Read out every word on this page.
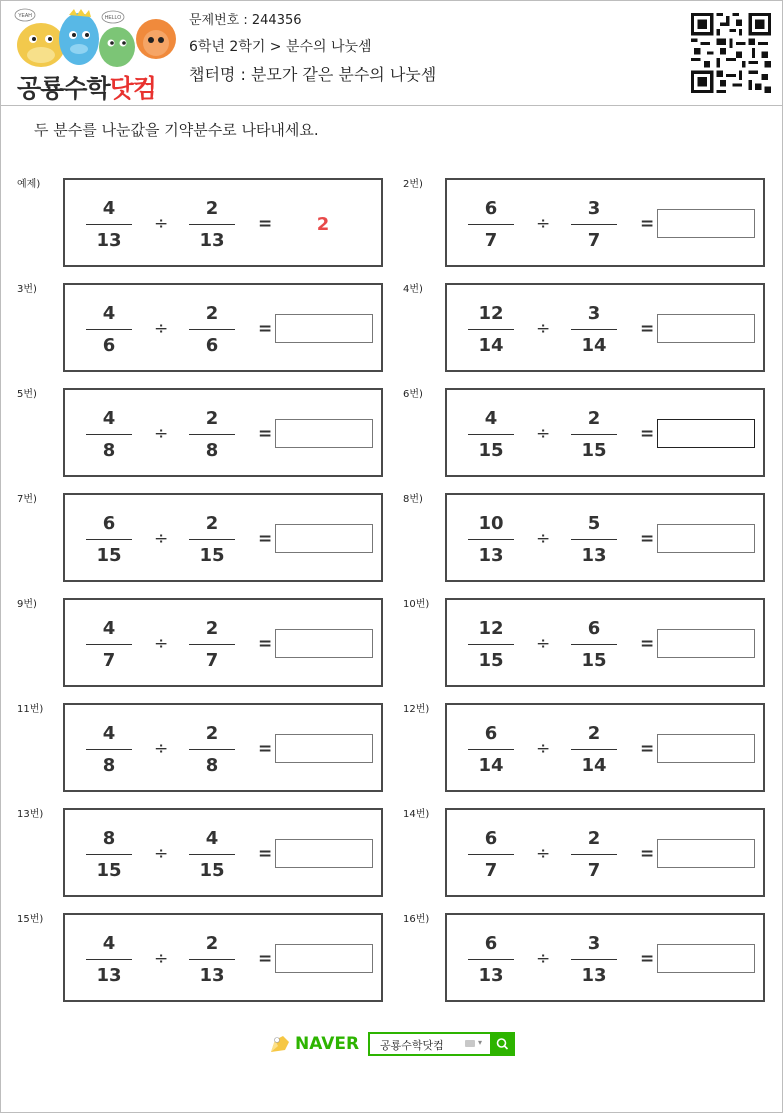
YEAH	HELLO
공룡수학닷컴
문제번호 : 244356
6학년 2학기 > 분수의 나눗셈
챕터명 : 분모가 같은 분수의 나눗셈
두 분수를 나눈값을 기약분수로 나타내세요.
예제)
4
13
÷
2
13
=	2
2번)
6
7
÷
3
7
=
3번)
4
6
÷
2
6
=
4번)
12
14
÷
3
14
=
5번)
4
8
÷
2
8
=
6번)
4
15
÷
2
15
=
7번)
6
15
÷
2
15
=
8번)
10
13
÷
5
13
=
9번)
4
7
÷
2
7
=
10번)
12
15
÷
6
15
=
11번)
4
8
÷
2
8
=
12번)
6
14
÷
2
14
=
13번)
8
15
÷
4
15
=
14번)
6
7
÷
2
7
=
15번)
4
13
÷
2
13
=
16번)
6
13
÷
3
13
=
NAVER 공룡수학닷컴	▾
